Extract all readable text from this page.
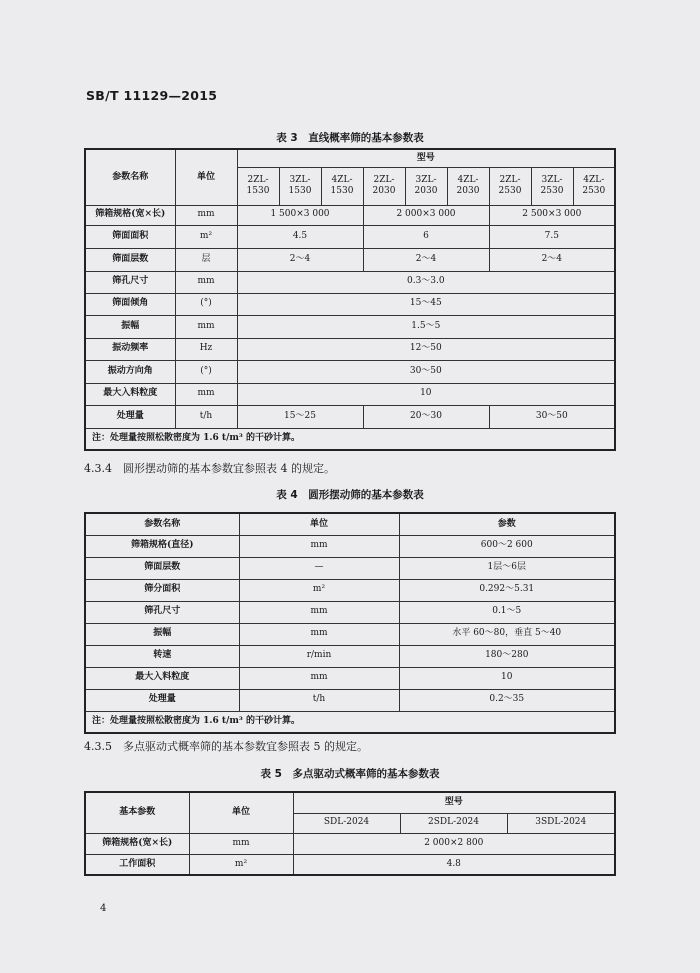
SB/T 11129—2015
表 3　直线概率筛的基本参数表
参数名称	单位	型号								
		2ZL-1530	3ZL-1530	4ZL-1530	2ZL-2030	3ZL-2030	4ZL-2030	2ZL-2530	3ZL-2530	4ZL-2530
筛箱规格(宽×长)	mm	1 500×3 000			2 000×3 000			2 500×3 000		
筛面面积	m²	4.5			6			7.5		
筛面层数	层	2～4			2～4			2～4		
筛孔尺寸	mm	0.3～3.0								
筛面倾角	(°)	15～45								
振幅	mm	1.5～5								
振动频率	Hz	12～50								
振动方向角	(°)	30～50								
最大入料粒度	mm	10								
处理量	t/h	15～25			20～30			30～50		
注：处理量按照松散密度为 1.6 t/m³ 的干砂计算。										
4.3.4　圆形摆动筛的基本参数宜参照表 4 的规定。
表 4　圆形摆动筛的基本参数表
参数名称	单位	参数
筛箱规格(直径)	mm	600～2 600
筛面层数	—	1层～6层
筛分面积	m²	0.292～5.31
筛孔尺寸	mm	0.1～5
振幅	mm	水平 60～80，垂直 5～40
转速	r/min	180～280
最大入料粒度	mm	10
处理量	t/h	0.2～35
注：处理量按照松散密度为 1.6 t/m³ 的干砂计算。		
4.3.5　多点驱动式概率筛的基本参数宜参照表 5 的规定。
表 5　多点驱动式概率筛的基本参数表
基本参数	单位	型号		
		SDL-2024	2SDL-2024	3SDL-2024
筛箱规格(宽×长)	mm	2 000×2 800		
工作面积	m²	4.8		
4
